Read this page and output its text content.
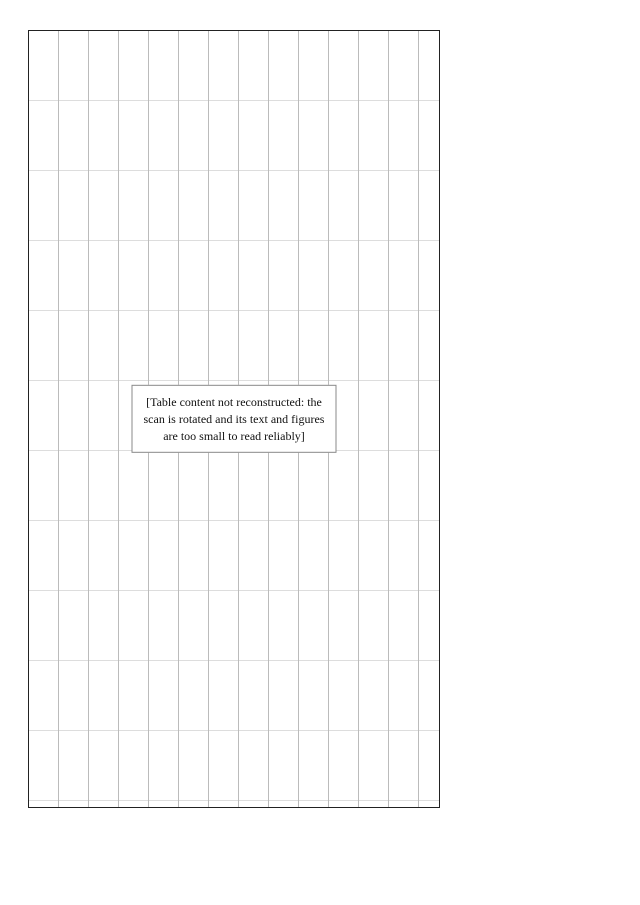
[Table content not reconstructed: the scan is rotated and its text and figures are too small to read reliably]
